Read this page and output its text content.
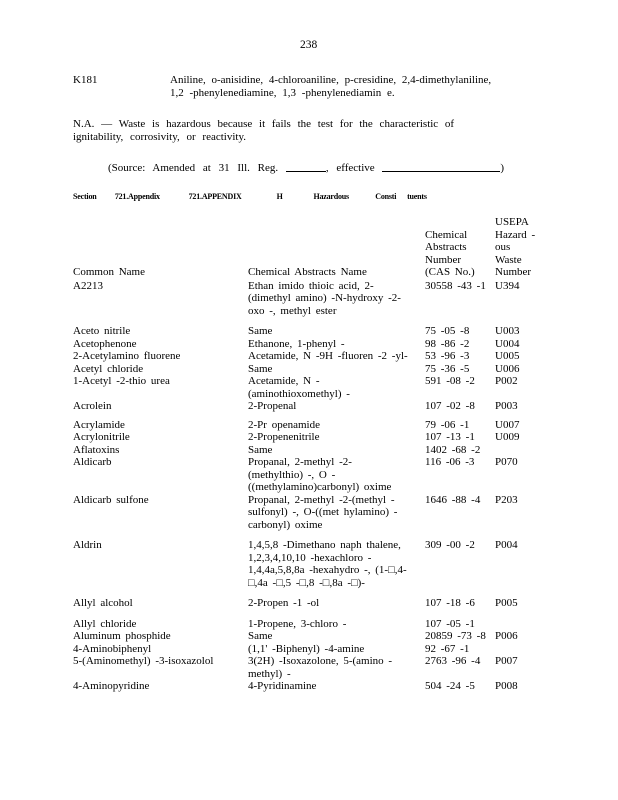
238
K181	Aniline, o-anisidine, 4-chloroaniline, p-cresidine, 2,4-dimethylaniline, 1,2 -phenylenediamine, 1,3 -phenylenediamin e.
N.A. — Waste is hazardous because it fails the test for the characteristic of ignitability, corrosivity, or reactivity.
(Source: Amended at 31 Ill. Reg.	, effective	)
Section 721.Appendix	721.APPENDIX	H	Hazardous	Consti tuents
Common Name	Chemical Abstracts Name	Chemical
Abstracts
Number
(CAS No.)	USEPA
Hazard -
ous
Waste
Number
A2213	Ethan imido thioic acid, 2-
(dimethyl amino) -N-hydroxy -2-
oxo -, methyl ester	30558 -43 -1	U394
Aceto nitrile	Same	75 -05 -8	U003
Acetophenone	Ethanone, 1-phenyl -	98 -86 -2	U004
2-Acetylamino fluorene	Acetamide, N -9H -fluoren -2 -yl-	53 -96 -3	U005
Acetyl chloride	Same	75 -36 -5	U006
1-Acetyl -2-thio urea	Acetamide, N -
(aminothioxomethyl) -	591 -08 -2	P002
Acrolein	2-Propenal	107 -02 -8	P003
Acrylamide	2-Pr openamide	79 -06 -1	U007
Acrylonitrile	2-Propenenitrile	107 -13 -1	U009
Aflatoxins	Same	1402 -68 -2	
Aldicarb	Propanal, 2-methyl -2-
(methylthio) -, O -
((methylamino)carbonyl) oxime	116 -06 -3	P070
Aldicarb sulfone	Propanal, 2-methyl -2-(methyl -
sulfonyl) -, O-((met hylamino) -
carbonyl) oxime	1646 -88 -4	P203
Aldrin	1,4,5,8 -Dimethano naph thalene,
1,2,3,4,10,10 -hexachloro -
1,4,4a,5,8,8a -hexahydro -, (1-□,4-
□,4a -□,5 -□,8 -□,8a -□)-	309 -00 -2	P004
Allyl alcohol	2-Propen -1 -ol	107 -18 -6	P005
Allyl chloride	1-Propene, 3-chloro -	107 -05 -1	
Aluminum phosphide	Same	20859 -73 -8	P006
4-Aminobiphenyl	(1,1' -Biphenyl) -4-amine	92 -67 -1	
5-(Aminomethyl) -3-isoxazolol	3(2H) -Isoxazolone, 5-(amino -
methyl) -	2763 -96 -4	P007
4-Aminopyridine	4-Pyridinamine	504 -24 -5	P008
